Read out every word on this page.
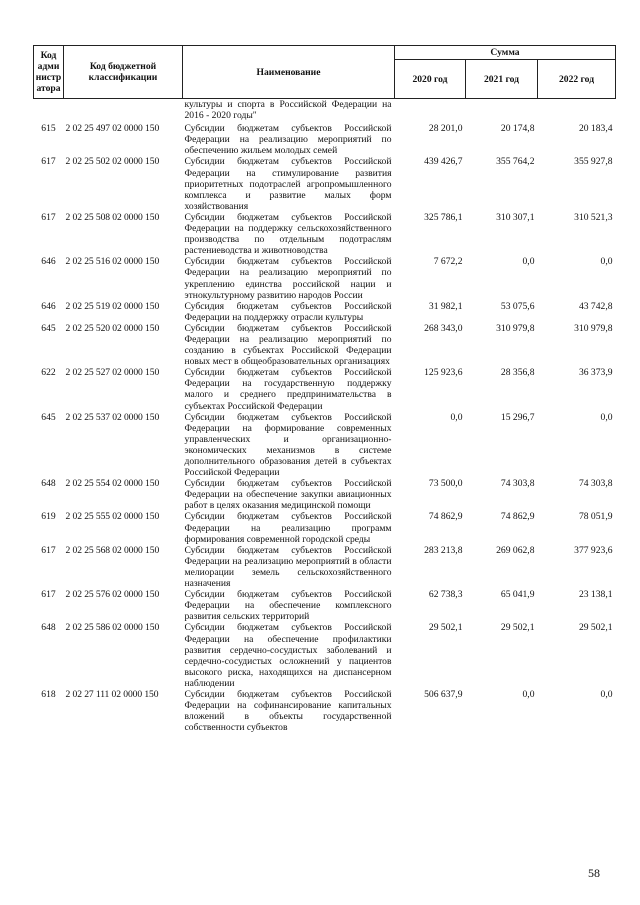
Код
адми
нистр
атора	Код бюджетной классификации	Наименование	Сумма		
			2020 год	2021 год	2022 год
		культуры и спорта в Российской Федерации на 2016 - 2020 годы"			
615	2 02 25 497 02 0000 150	Субсидии бюджетам субъектов Российской Федерации на реализацию мероприятий по обеспечению жильем молодых семей	28 201,0	20 174,8	20 183,4
617	2 02 25 502 02 0000 150	Субсидии бюджетам субъектов Российской Федерации на стимулирование развития приоритетных подотраслей агропромышленного комплекса и развитие малых форм хозяйствования	439 426,7	355 764,2	355 927,8
617	2 02 25 508 02 0000 150	Субсидии бюджетам субъектов Российской Федерации на поддержку сельскохозяйственного производства по отдельным подотраслям растениеводства и животноводства	325 786,1	310 307,1	310 521,3
646	2 02 25 516 02 0000 150	Субсидии бюджетам субъектов Российской Федерации на реализацию мероприятий по укреплению единства российской нации и этнокультурному развитию народов России	7 672,2	0,0	0,0
646	2 02 25 519 02 0000 150	Субсидия бюджетам субъектов Российской Федерации на поддержку отрасли культуры	31 982,1	53 075,6	43 742,8
645	2 02 25 520 02 0000 150	Субсидии бюджетам субъектов Российской Федерации на реализацию мероприятий по созданию в субъектах Российской Федерации новых мест в общеобразовательных организациях	268 343,0	310 979,8	310 979,8
622	2 02 25 527 02 0000 150	Субсидии бюджетам субъектов Российской Федерации на государственную поддержку малого и среднего предпринимательства в субъектах Российской Федерации	125 923,6	28 356,8	36 373,9
645	2 02 25 537 02 0000 150	Субсидии бюджетам субъектов Российской Федерации на формирование современных управленческих и организационно-экономических механизмов в системе дополнительного образования детей в субъектах Российской Федерации	0,0	15 296,7	0,0
648	2 02 25 554 02 0000 150	Субсидии бюджетам субъектов Российской Федерации на обеспечение закупки авиационных работ в целях оказания медицинской помощи	73 500,0	74 303,8	74 303,8
619	2 02 25 555 02 0000 150	Субсидии бюджетам субъектов Российской Федерации на реализацию программ формирования современной городской среды	74 862,9	74 862,9	78 051,9
617	2 02 25 568 02 0000 150	Субсидии бюджетам субъектов Российской Федерации на реализацию мероприятий в области мелиорации земель сельскохозяйственного назначения	283 213,8	269 062,8	377 923,6
617	2 02 25 576 02 0000 150	Субсидии бюджетам субъектов Российской Федерации на обеспечение комплексного развития сельских территорий	62 738,3	65 041,9	23 138,1
648	2 02 25 586 02 0000 150	Субсидии бюджетам субъектов Российской Федерации на обеспечение профилактики развития сердечно-сосудистых заболеваний и сердечно-сосудистых осложнений у пациентов высокого риска, находящихся на диспансерном наблюдении	29 502,1	29 502,1	29 502,1
618	2 02 27 111 02 0000 150	Субсидии бюджетам субъектов Российской Федерации на софинансирование капитальных вложений в объекты государственной собственности субъектов	506 637,9	0,0	0,0
58
